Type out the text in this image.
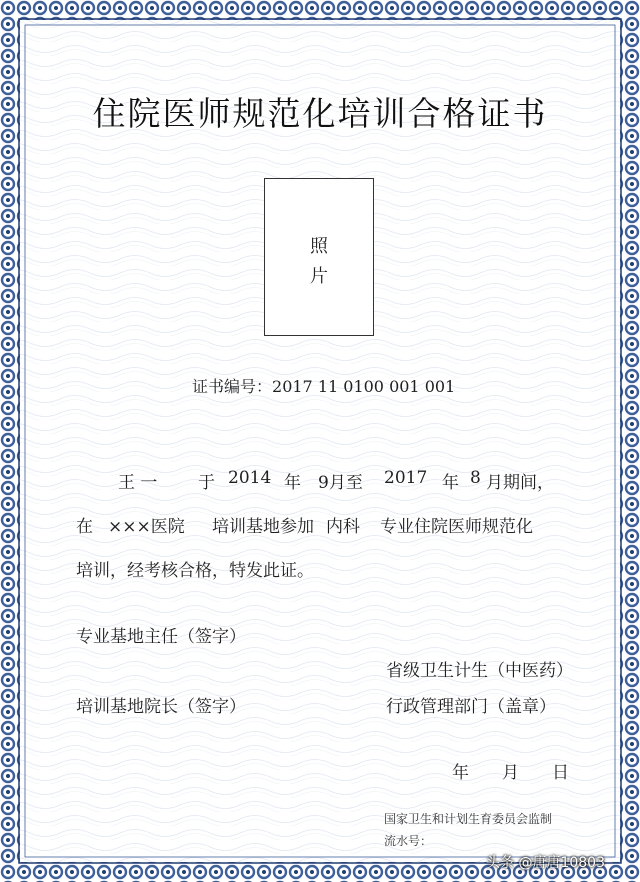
住院医师规范化培训合格证书
照
片
证书编号：2017 11 0100 001 001
王 一 于 2014 年 9月至 2017 年 8 月期间，
在 ×××医院 培训基地参加 内科 专业住院医师规范化
培训，经考核合格，特发此证。
专业基地主任（签字）
省级卫生计生（中医药）
培训基地院长（签字）	行政管理部门（盖章）
年 月 日
国家卫生和计划生育委员会监制
流水号：
头条 @唐唐10803
